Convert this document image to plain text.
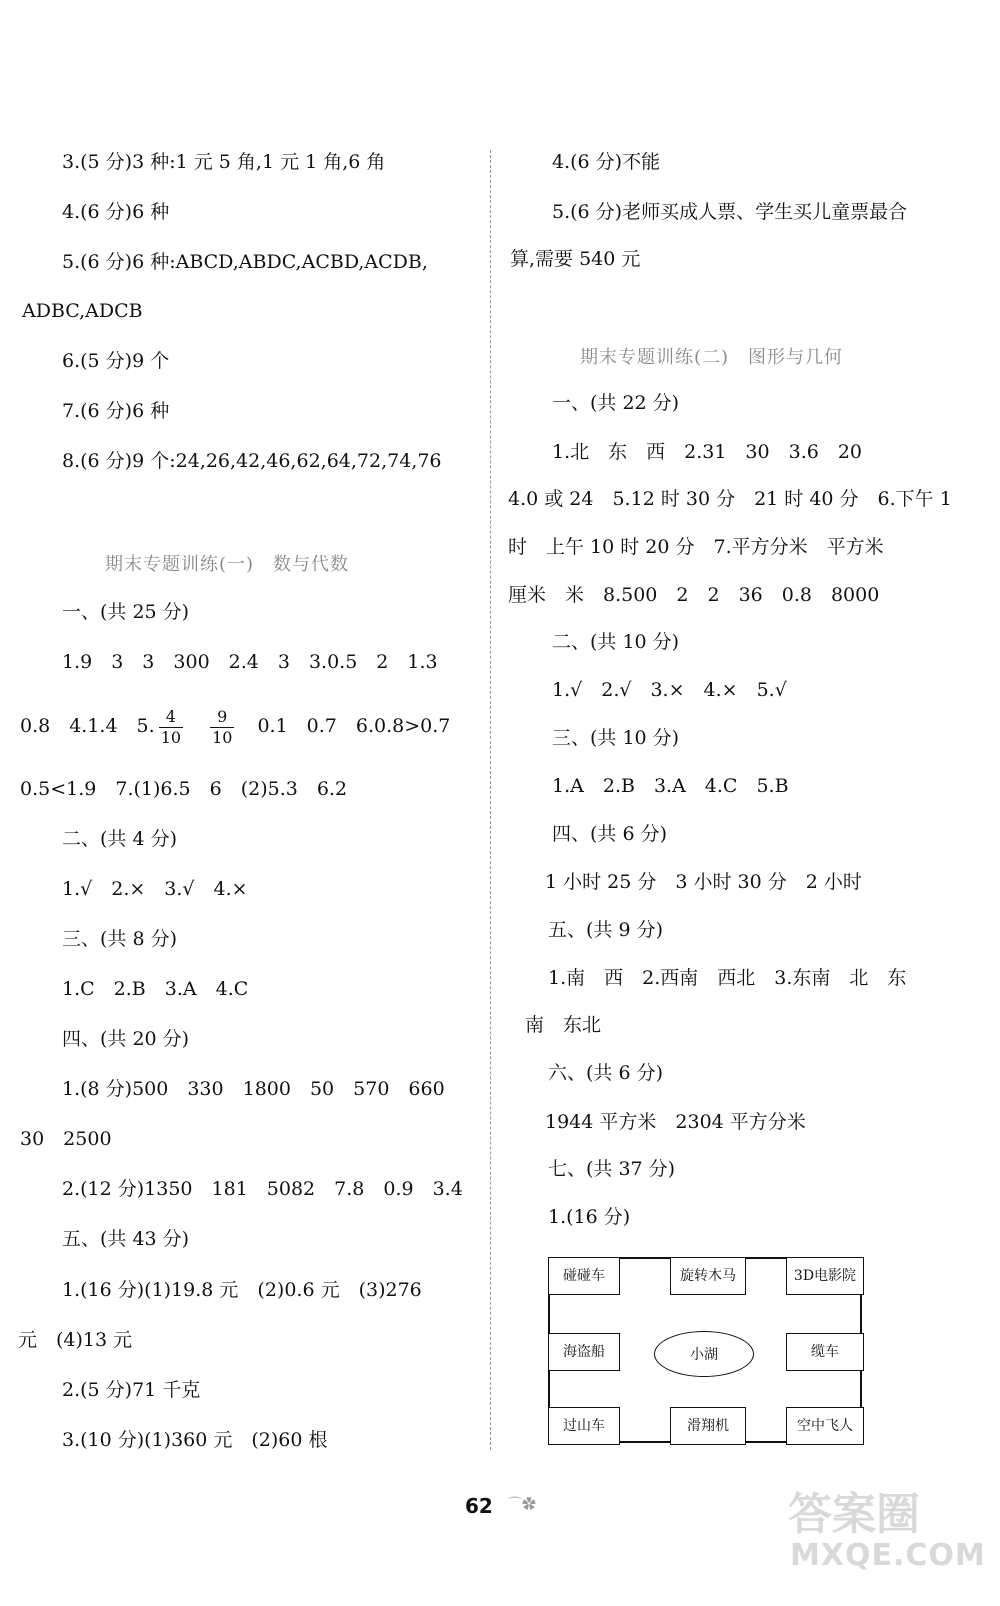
3.(5 分)3 种:1 元 5 角,1 元 1 角,6 角
4.(6 分)6 种
5.(6 分)6 种:ABCD,ABDC,ACBD,ACDB,
ADBC,ADCB
6.(5 分)9 个
7.(6 分)6 种
8.(6 分)9 个:24,26,42,46,62,64,72,74,76
期末专题训练(一)　数与代数
一、(共 25 分)
1.9　3　3　300　2.4　3　3.0.5　2　1.3
0.8　4.1.4　5. $\frac{4}{10}$
　 $\frac{9}{10}$
　 0.1　0.7　6.0.8>0.7
0.5<1.9　7.(1)6.5　6　(2)5.3　6.2
二、(共 4 分)
1.√　2.×　3.√　4.×
三、(共 8 分)
1.C　2.B　3.A　4.C
四、(共 20 分)
1.(8 分)500　330　1800　50　570　660
30　2500
2.(12 分)1350　181　5082　7.8　0.9　3.4
五、(共 43 分)
1.(16 分)(1)19.8 元　(2)0.6 元　(3)276
元　(4)13 元
2.(5 分)71 千克
3.(10 分)(1)360 元　(2)60 根
4.(6 分)不能
5.(6 分)老师买成人票、学生买儿童票最合
算,需要 540 元
期末专题训练(二)　图形与几何
一、(共 22 分)
1.北　东　西　2.31　30　3.6　20
4.0 或 24　5.12 时 30 分　21 时 40 分　6.下午 1
时　上午 10 时 20 分　7.平方分米　平方米
厘米　米　8.500　2　2　36　0.8　8000
二、(共 10 分)
1.√　2.√　3.×　4.×　5.√
三、(共 10 分)
1.A　2.B　3.A　4.C　5.B
四、(共 6 分)
1 小时 25 分　3 小时 30 分　2 小时
五、(共 9 分)
1.南　西　2.西南　西北　3.东南　北　东
南　东北
六、(共 6 分)
1944 平方米　2304 平方分米
七、(共 37 分)
1.(16 分)
碰碰车	旋转木马	3D电影院
海盗船	小湖	缆车
过山车	滑翔机	空中飞人
62 ⌒✿	答案圈
MXQE.COM
